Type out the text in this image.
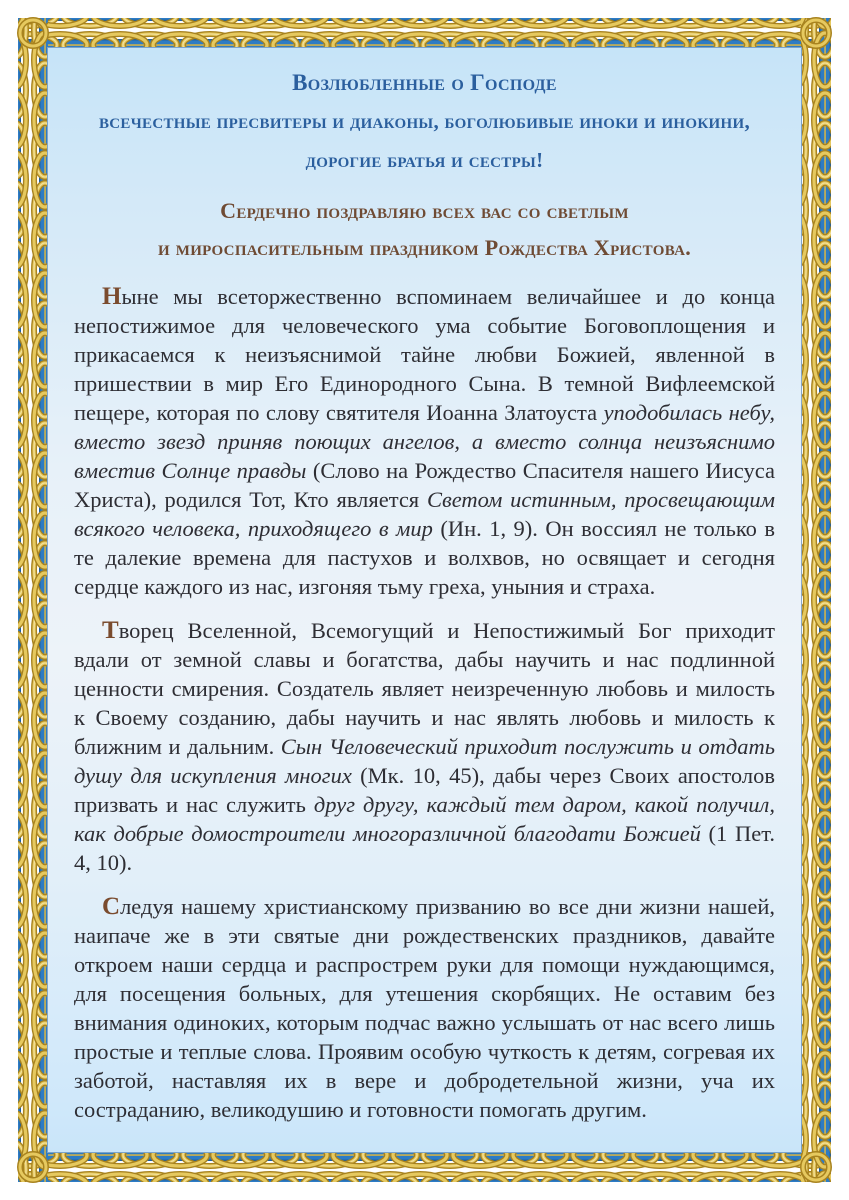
Возлюбленные о Господе
всечестные пресвитеры и диаконы, боголюбивые иноки и инокини,
дорогие братья и сестры!
Сердечно поздравляю всех вас со светлым
и мироспасительным праздником Рождества Христова.

Ныне мы всеторжественно вспоминаем величайшее и до конца непостижимое для человеческого ума событие Боговоплощения и прикасаемся к неизъяснимой тайне любви Божией, явленной в пришествии в мир Его Единородного Сына. В темной Вифлеемской пещере, которая по слову святителя Иоанна Златоуста уподобилась небу, вместо звезд приняв поющих ангелов, а вместо солнца неизъяснимо вместив Солнце правды (Слово на Рождество Спасителя нашего Иисуса Христа), родился Тот, Кто является Светом истинным, просвещающим всякого человека, приходящего в мир (Ин. 1, 9). Он воссиял не только в те далекие времена для пастухов и волхвов, но освящает и сегодня сердце каждого из нас, изгоняя тьму греха, уныния и страха.

Творец Вселенной, Всемогущий и Непостижимый Бог приходит вдали от земной славы и богатства, дабы научить и нас подлинной ценности смирения. Создатель являет неизреченную любовь и милость к Своему созданию, дабы научить и нас являть любовь и милость к ближним и дальним. Сын Человеческий приходит послужить и отдать душу для искупления многих (Мк. 10, 45), дабы через Своих апостолов призвать и нас служить друг другу, каждый тем даром, какой получил, как добрые домостроители многоразличной благодати Божией (1 Пет. 4, 10).

Следуя нашему христианскому призванию во все дни жизни нашей, наипаче же в эти святые дни рождественских праздников, давайте откроем наши сердца и распрострем руки для помощи нуждающимся, для посещения больных, для утешения скорбящих. Не оставим без внимания одиноких, которым подчас важно услышать от нас всего лишь простые и теплые слова. Проявим особую чуткость к детям, согревая их заботой, наставляя их в вере и добродетельной жизни, уча их состраданию, великодушию и готовности помогать другим.
